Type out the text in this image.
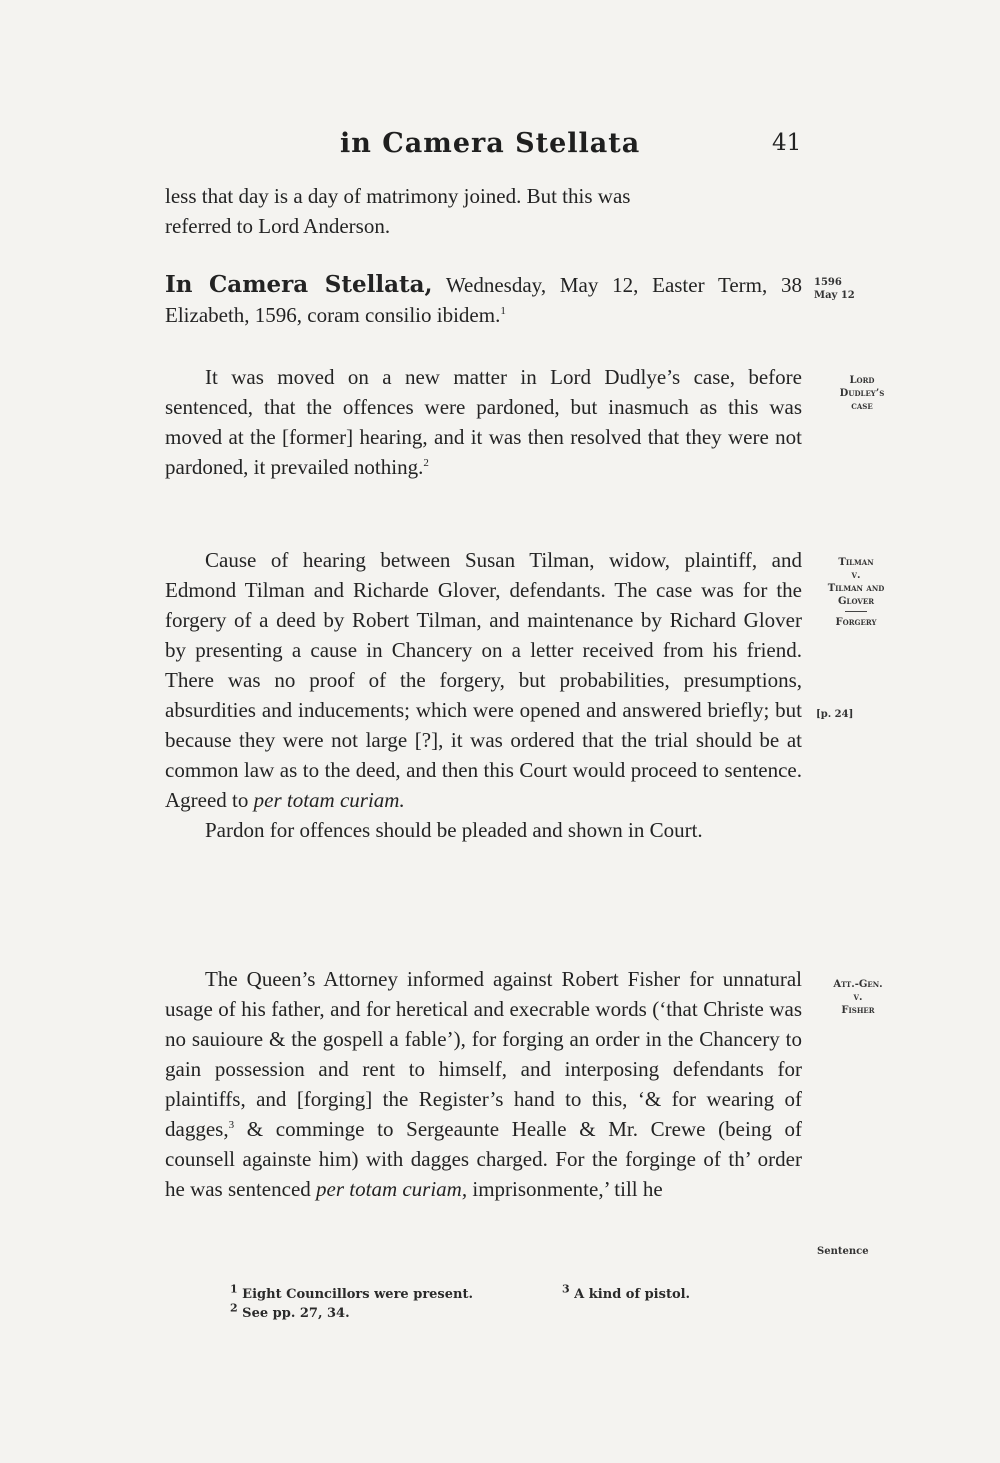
in Camera Stellata	41

less that day is a day of matrimony joined. But this was

referred to Lord Anderson.

In Camera Stellata, Wednesday, May 12, Easter Term, 38 Elizabeth, 1596, coram consilio ibidem.$^1$

It was moved on a new matter in Lord Dudlye’s case, before sentenced, that the offences were pardoned, but inasmuch as this was moved at the [former] hearing, and it was then resolved that they were not pardoned, it prevailed nothing.$^2$

Cause of hearing between Susan Tilman, widow, plaintiff, and Edmond Tilman and Richarde Glover, defendants. The case was for the forgery of a deed by Robert Tilman, and maintenance by Richard Glover by presenting a cause in Chancery on a letter received from his friend. There was no proof of the forgery, but probabilities, presumptions, absurdities and inducements; which were opened and answered briefly; but because they were not large [?], it was ordered that the trial should be at common law as to the deed, and then this Court would proceed to sentence. Agreed to per totam curiam.

Pardon for offences should be pleaded and shown in Court.

The Queen’s Attorney informed against Robert Fisher for unnatural usage of his father, and for heretical and execrable words (‘that Christe was no sauioure & the gospell a fable’), for forging an order in the Chancery to gain possession and rent to himself, and interposing defendants for plaintiffs, and [forging] the Register’s hand to this, ‘& for wearing of dagges,$^3$ & comminge to Sergeaunte Healle & Mr. Crewe (being of counsell againste him) with dagges charged. For the forginge of th’ order he was sentenced per totam curiam, imprisonmente,’ till he

1596
May 12
Lord
Dudley’s
case
Tilman
v.
Tilman and
Glover
Forgery
[p. 24]
Att.-Gen.
v.
Fisher
Sentence
$^1$ Eight Councillors were present.
$^2$ See pp. 27, 34.
$^3$ A kind of pistol.
